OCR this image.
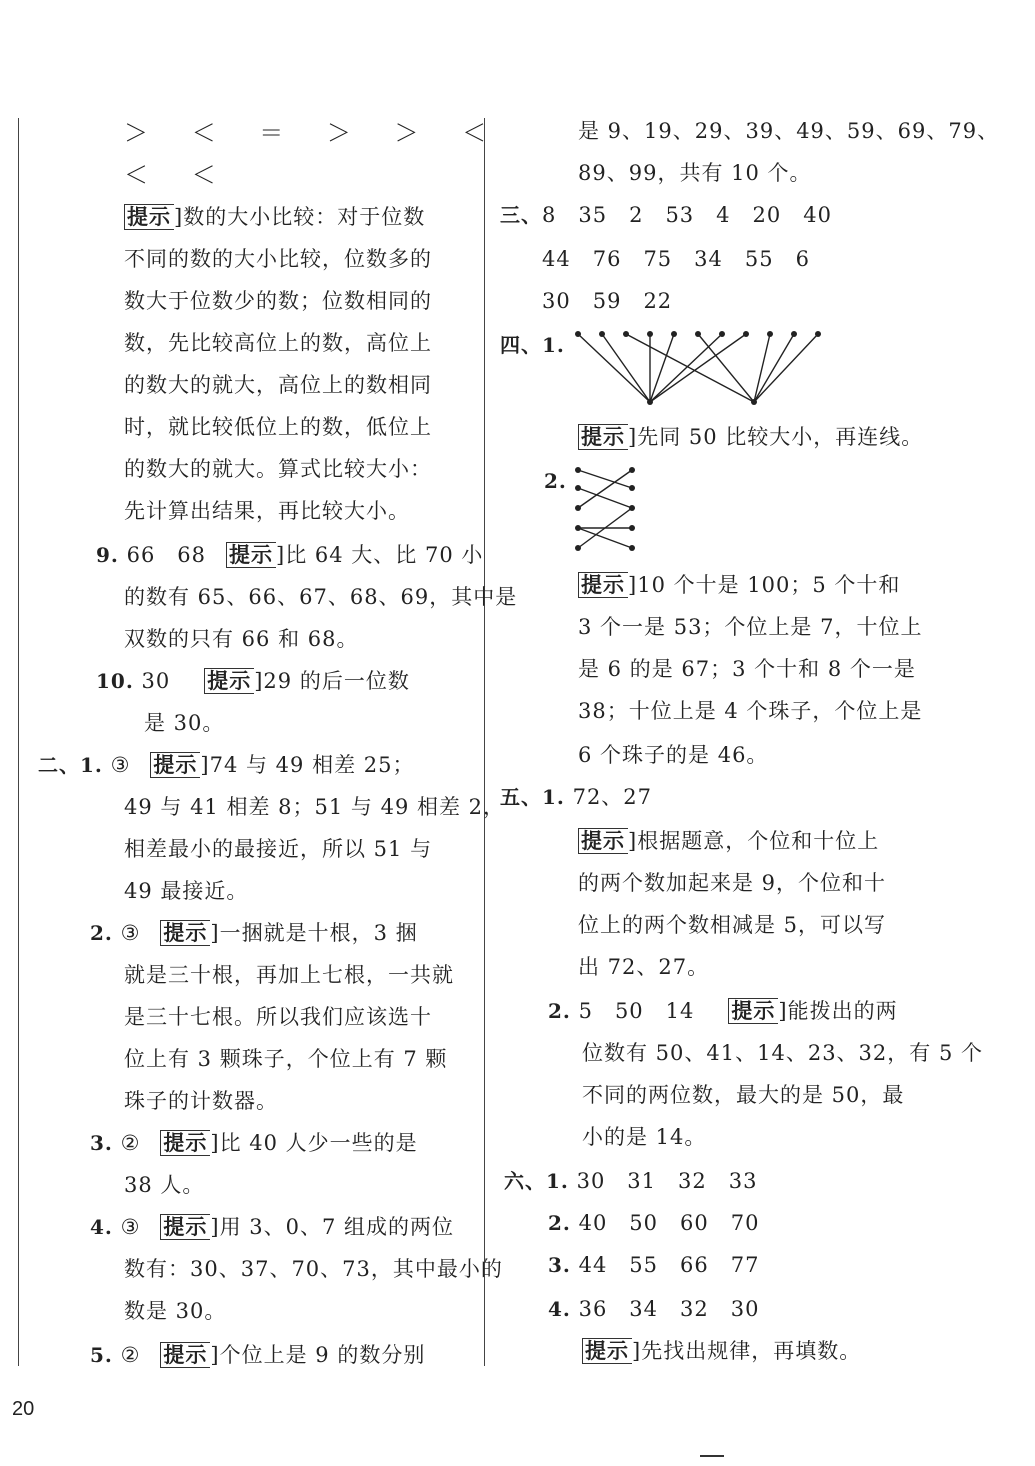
＞ ＜ ＝ ＞ ＞ ＜
＜ ＜
提示 ] 数的大小比较：对于位数
不同的数的大小比较，位数多的
数大于位数少的数；位数相同的
数，先比较高位上的数，高位上
的数大的就大，高位上的数相同
时，就比较低位上的数，低位上
的数大的就大。算式比较大小：
先计算出结果，再比较大小。
9. 66　68 提示 ] 比 64 大、比 70 小
的数有 65、66、67、68、69，其中是
双数的只有 66 和 68。
10. 30 提示 ] 29 的后一位数
是 30。
二、1. ③ 提示 ] 74 与 49 相差 25；
49 与 41 相差 8；51 与 49 相差 2，
相差最小的最接近，所以 51 与
49 最接近。
2. ③ 提示 ] 一捆就是十根，3 捆
就是三十根，再加上七根，一共就
是三十七根。所以我们应该选十
位上有 3 颗珠子，个位上有 7 颗
珠子的计数器。
3. ② 提示 ] 比 40 人少一些的是
38 人。
4. ③ 提示 ] 用 3、0、7 组成的两位
数有：30、37、70、73，其中最小的
数是 30。
5. ② 提示 ] 个位上是 9 的数分别
是 9、19、29、39、49、59、69、79、
89、99，共有 10 个。
三、8　35　2　53　4　20　40
44　76　75　34　55　6
30　59　22
四、1.
提示 ] 先同 50 比较大小，再连线。
2.
提示 ] 10 个十是 100；5 个十和
3 个一是 53；个位上是 7，十位上
是 6 的是 67；3 个十和 8 个一是
38；十位上是 4 个珠子，个位上是
6 个珠子的是 46。
五、1. 72、27
提示 ] 根据题意，个位和十位上
的两个数加起来是 9，个位和十
位上的两个数相减是 5，可以写
出 72、27。
2. 5　50　14 提示 ] 能拨出的两
位数有 50、41、14、23、32，有 5 个
不同的两位数，最大的是 50，最
小的是 14。
六、1. 30　31　32　33
2. 40　50　60　70
3. 44　55　66　77
4. 36　34　32　30
提示 ] 先找出规律，再填数。
20
